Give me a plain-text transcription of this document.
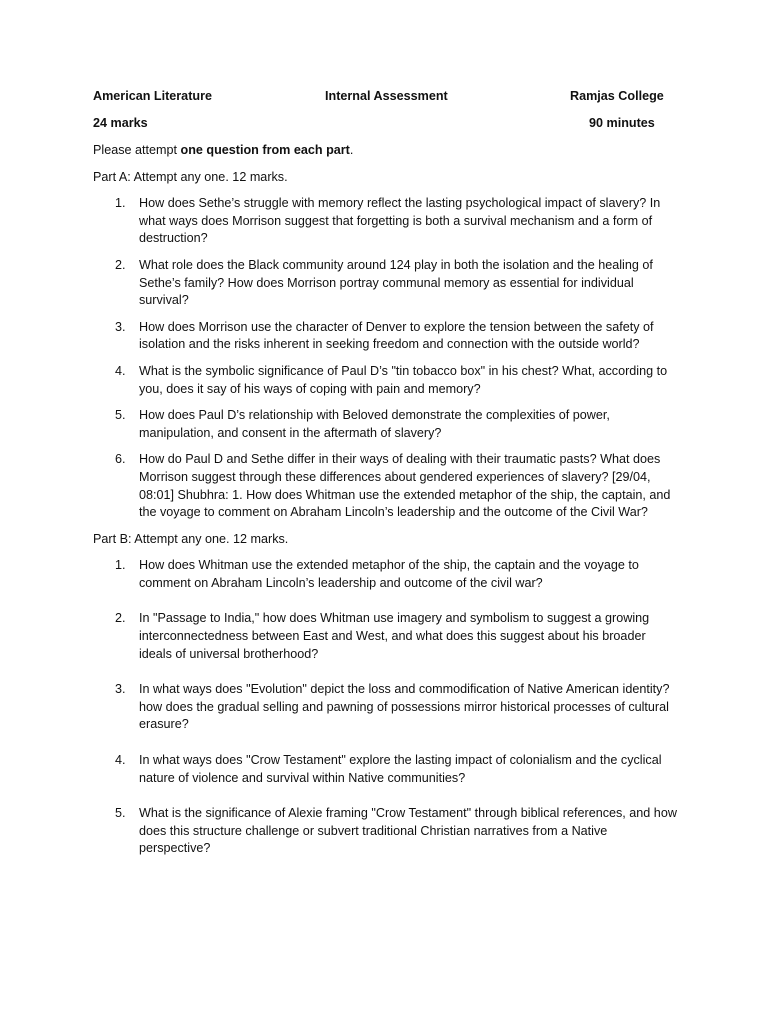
American Literature	Internal Assessment	Ramjas College
24 marks	90 minutes
Please attempt one question from each part.
Part A: Attempt any one. 12 marks.
1. How does Sethe’s struggle with memory reflect the lasting psychological impact of slavery? In what ways does Morrison suggest that forgetting is both a survival mechanism and a form of destruction?
2. What role does the Black community around 124 play in both the isolation and the healing of Sethe’s family? How does Morrison portray communal memory as essential for individual survival?
3. How does Morrison use the character of Denver to explore the tension between the safety of isolation and the risks inherent in seeking freedom and connection with the outside world?
4. What is the symbolic significance of Paul D’s "tin tobacco box" in his chest? What, according to you, does it say of his ways of coping with pain and memory?
5. How does Paul D’s relationship with Beloved demonstrate the complexities of power, manipulation, and consent in the aftermath of slavery?
6. How do Paul D and Sethe differ in their ways of dealing with their traumatic pasts? What does Morrison suggest through these differences about gendered experiences of slavery? [29/04, 08:01] Shubhra: 1. How does Whitman use the extended metaphor of the ship, the captain, and the voyage to comment on Abraham Lincoln’s leadership and the outcome of the Civil War?
Part B: Attempt any one. 12 marks.
1. How does Whitman use the extended metaphor of the ship, the captain and the voyage to comment on Abraham Lincoln’s leadership and outcome of the civil war?
2. In "Passage to India," how does Whitman use imagery and symbolism to suggest a growing interconnectedness between East and West, and what does this suggest about his broader ideals of universal brotherhood?
3. In what ways does "Evolution" depict the loss and commodification of Native American identity? how does the gradual selling and pawning of possessions mirror historical processes of cultural erasure?
4. In what ways does "Crow Testament" explore the lasting impact of colonialism and the cyclical nature of violence and survival within Native communities?
5. What is the significance of Alexie framing "Crow Testament" through biblical references, and how does this structure challenge or subvert traditional Christian narratives from a Native perspective?
